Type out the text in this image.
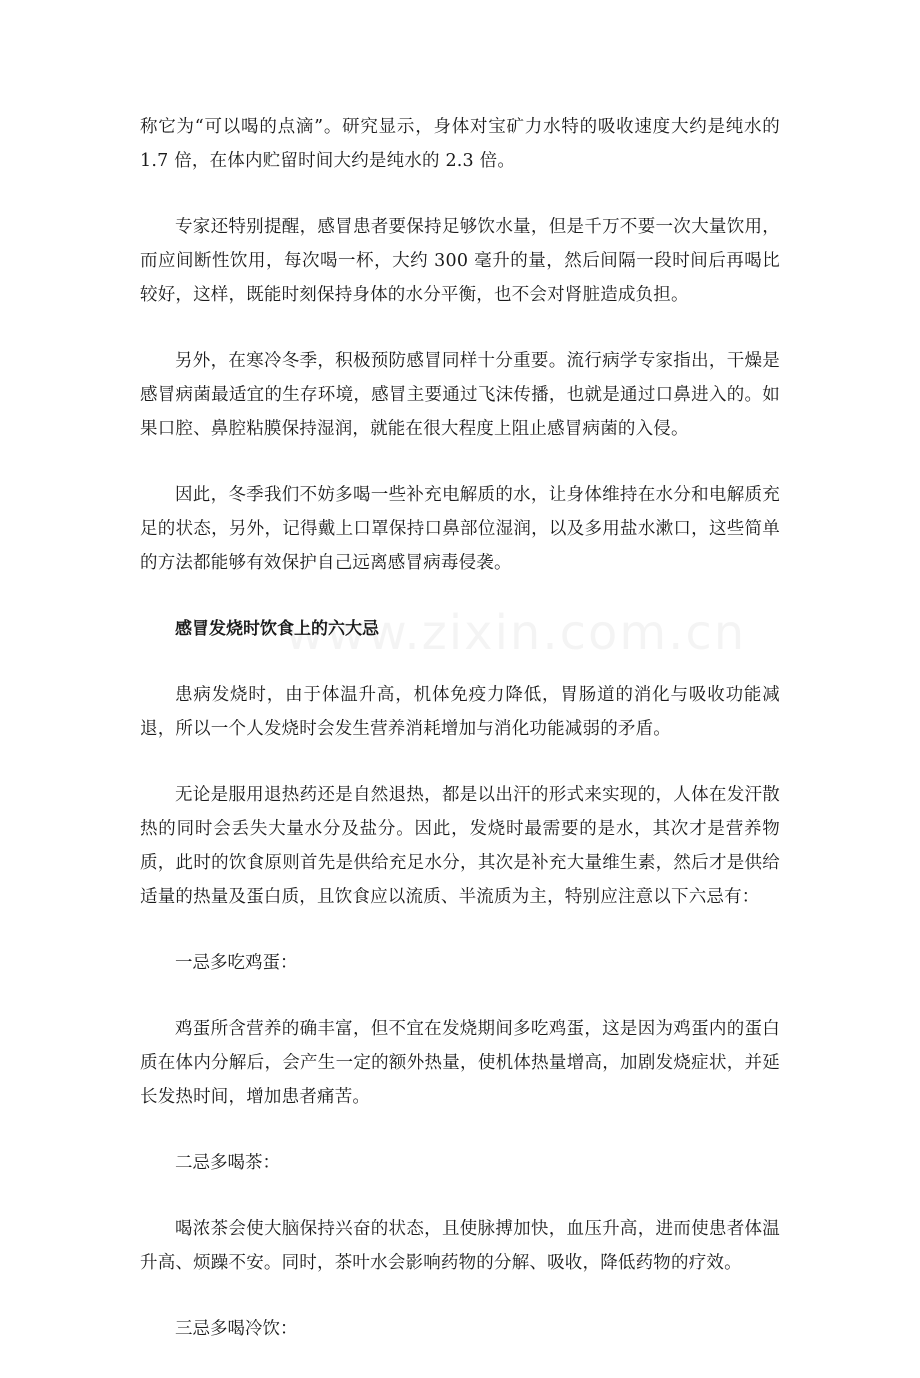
称它为“可以喝的点滴”。研究显示，身体对宝矿力水特的吸收速度大约是纯水的 1.7 倍，在体内贮留时间大约是纯水的 2.3 倍。

专家还特别提醒，感冒患者要保持足够饮水量，但是千万不要一次大量饮用，而应间断性饮用，每次喝一杯，大约 300 毫升的量，然后间隔一段时间后再喝比较好，这样，既能时刻保持身体的水分平衡，也不会对肾脏造成负担。

另外，在寒冷冬季，积极预防感冒同样十分重要。流行病学专家指出，干燥是感冒病菌最适宜的生存环境，感冒主要通过飞沫传播，也就是通过口鼻进入的。如果口腔、鼻腔粘膜保持湿润，就能在很大程度上阻止感冒病菌的入侵。

因此，冬季我们不妨多喝一些补充电解质的水，让身体维持在水分和电解质充足的状态，另外，记得戴上口罩保持口鼻部位湿润，以及多用盐水漱口，这些简单的方法都能够有效保护自己远离感冒病毒侵袭。

感冒发烧时饮食上的六大忌

患病发烧时，由于体温升高，机体免疫力降低，胃肠道的消化与吸收功能减退，所以一个人发烧时会发生营养消耗增加与消化功能减弱的矛盾。

无论是服用退热药还是自然退热，都是以出汗的形式来实现的，人体在发汗散热的同时会丢失大量水分及盐分。因此，发烧时最需要的是水，其次才是营养物质，此时的饮食原则首先是供给充足水分，其次是补充大量维生素，然后才是供给适量的热量及蛋白质，且饮食应以流质、半流质为主，特别应注意以下六忌有：

一忌多吃鸡蛋：

鸡蛋所含营养的确丰富，但不宜在发烧期间多吃鸡蛋，这是因为鸡蛋内的蛋白质在体内分解后，会产生一定的额外热量，使机体热量增高，加剧发烧症状，并延长发热时间，增加患者痛苦。

二忌多喝茶：

喝浓茶会使大脑保持兴奋的状态，且使脉搏加快，血压升高，进而使患者体温升高、烦躁不安。同时，茶叶水会影响药物的分解、吸收，降低药物的疗效。

三忌多喝冷饮：
